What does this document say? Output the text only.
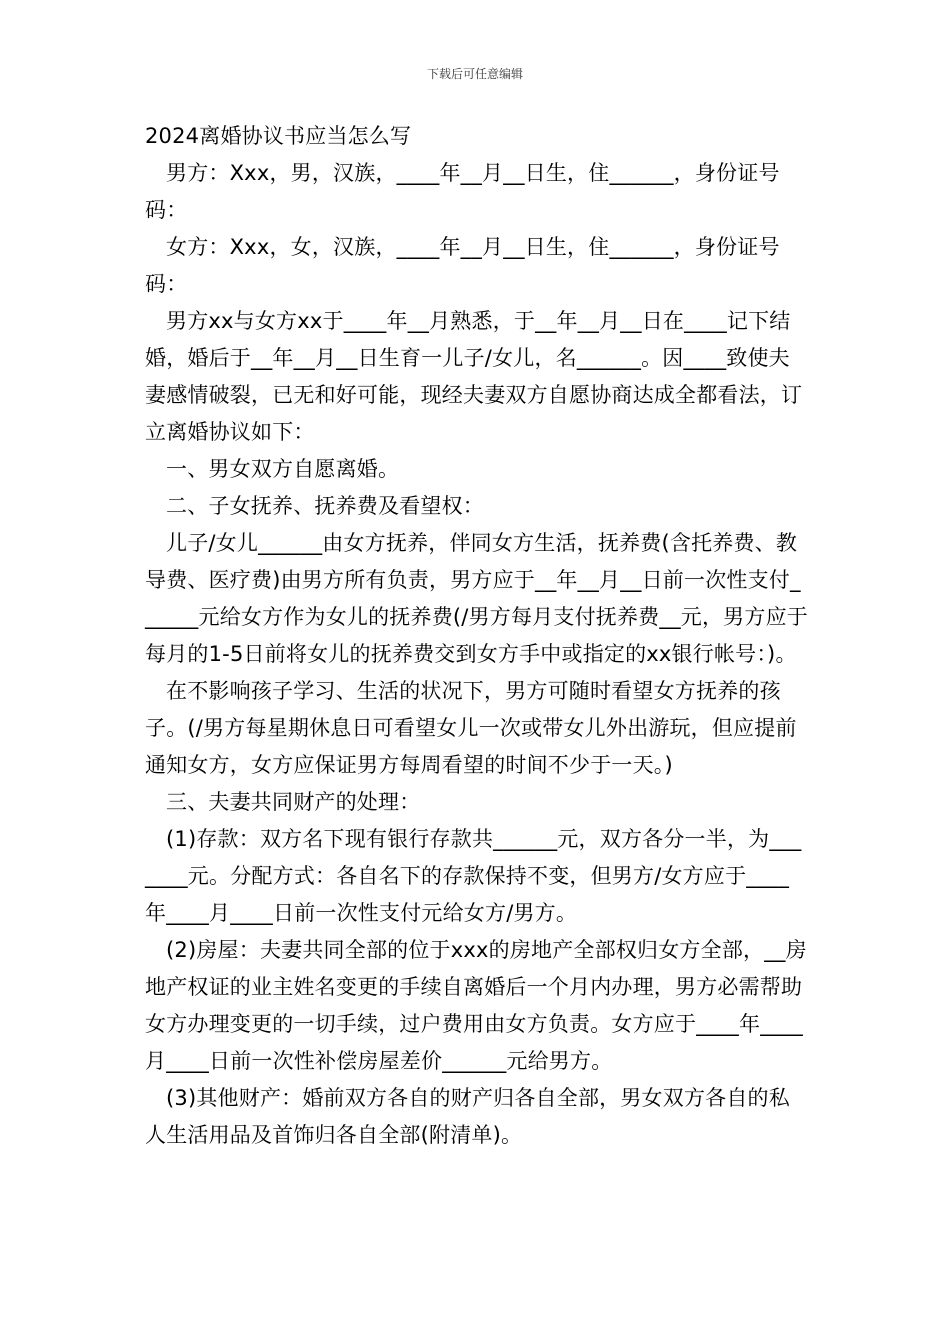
下载后可任意编辑
2024离婚协议书应当怎么写

男方：Xxx，男，汉族，____年__月__日生，住______，身份证号码：

女方：Xxx，女，汉族，____年__月__日生，住______，身份证号码：

男方xx与女方xx于____年__月熟悉，于__年__月__日在____记下结婚，婚后于__年__月__日生育一儿子/女儿，名______。因____致使夫妻感情破裂，已无和好可能，现经夫妻双方自愿协商达成全都看法，订立离婚协议如下：

一、男女双方自愿离婚。

二、子女抚养、抚养费及看望权：

儿子/女儿______由女方抚养，伴同女方生活，抚养费(含托养费、教导费、医疗费)由男方所有负责，男方应于__年__月__日前一次性支付______元给女方作为女儿的抚养费(/男方每月支付抚养费__元，男方应于每月的1-5日前将女儿的抚养费交到女方手中或指定的xx银行帐号：)。

在不影响孩子学习、生活的状况下，男方可随时看望女方抚养的孩子。(/男方每星期休息日可看望女儿一次或带女儿外出游玩，但应提前通知女方，女方应保证男方每周看望的时间不少于一天。)

三、夫妻共同财产的处理：

(1)存款：双方名下现有银行存款共______元，双方各分一半，为_______元。分配方式：各自名下的存款保持不变，但男方/女方应于____年____月____日前一次性支付元给女方/男方。

(2)房屋：夫妻共同全部的位于xxx的房地产全部权归女方全部，__房地产权证的业主姓名变更的手续自离婚后一个月内办理，男方必需帮助女方办理变更的一切手续，过户费用由女方负责。女方应于____年____月____日前一次性补偿房屋差价______元给男方。

(3)其他财产：婚前双方各自的财产归各自全部，男女双方各自的私人生活用品及首饰归各自全部(附清单)。
